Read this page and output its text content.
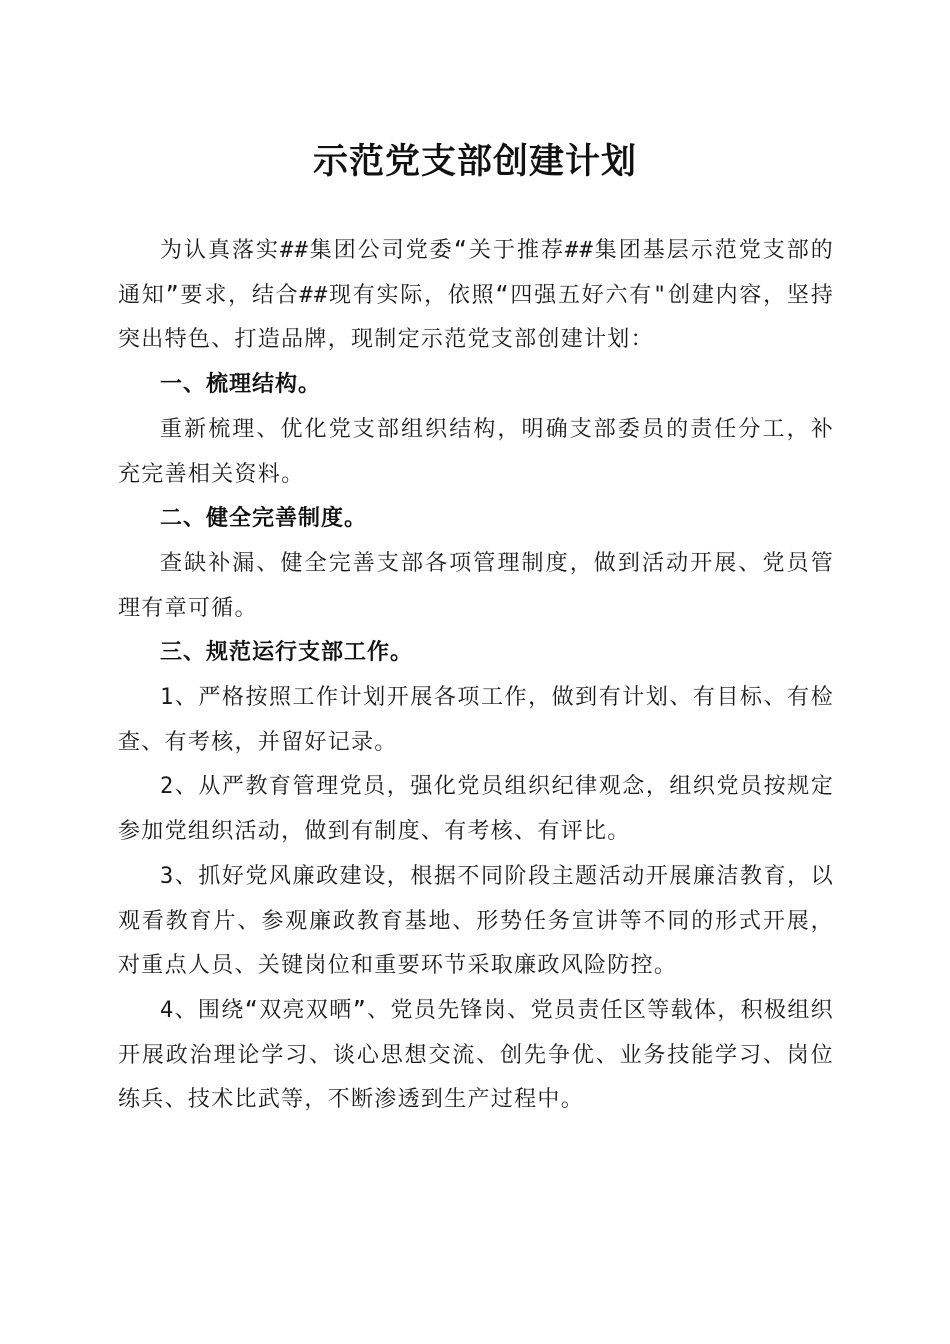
示范党支部创建计划

为认真落实##集团公司党委“关于推荐##集团基层示范党支部的通知”要求，结合##现有实际，依照“四强五好六有"创建内容，坚持突出特色、打造品牌，现制定示范党支部创建计划：

一、梳理结构。

重新梳理、优化党支部组织结构，明确支部委员的责任分工，补充完善相关资料。

二、健全完善制度。

查缺补漏、健全完善支部各项管理制度，做到活动开展、党员管理有章可循。

三、规范运行支部工作。

1、严格按照工作计划开展各项工作，做到有计划、有目标、有检查、有考核，并留好记录。

2、从严教育管理党员，强化党员组织纪律观念，组织党员按规定参加党组织活动，做到有制度、有考核、有评比。

3、抓好党风廉政建设，根据不同阶段主题活动开展廉洁教育，以观看教育片、参观廉政教育基地、形势任务宣讲等不同的形式开展，对重点人员、关键岗位和重要环节采取廉政风险防控。

4、围绕“双亮双晒”、党员先锋岗、党员责任区等载体，积极组织开展政治理论学习、谈心思想交流、创先争优、业务技能学习、岗位练兵、技术比武等，不断渗透到生产过程中。
